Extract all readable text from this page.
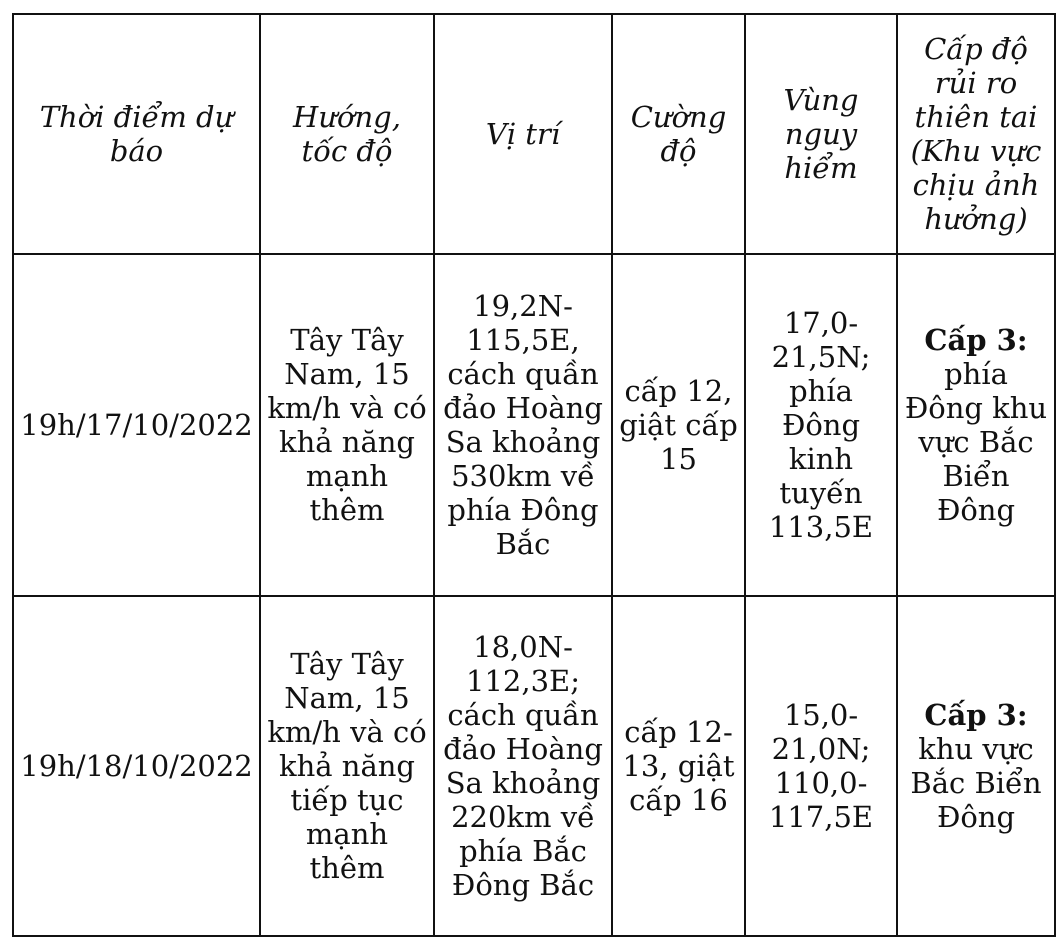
Thời điểm dự báo	Hướng, tốc độ	Vị trí	Cường độ	Vùng nguy hiểm	Cấp độ rủi ro thiên tai (Khu vực chịu ảnh hưởng)

19h/17/10/2022	Tây Tây Nam, 15 km/h và có khả năng mạnh thêm	19,2N-115,5E, cách quần đảo Hoàng Sa khoảng 530km về phía Đông Bắc	cấp 12, giật cấp 15	17,0-21,5N; phía Đông kinh tuyến 113,5E	Cấp 3:
phía Đông khu vực Bắc Biển Đông

19h/18/10/2022	Tây Tây Nam, 15 km/h và có khả năng tiếp tục mạnh thêm	18,0N-112,3E; cách quần đảo Hoàng Sa khoảng 220km về phía Bắc Đông Bắc	cấp 12-13, giật cấp 16	15,0-21,0N; 110,0-117,5E	Cấp 3:
khu vực Bắc Biển Đông
